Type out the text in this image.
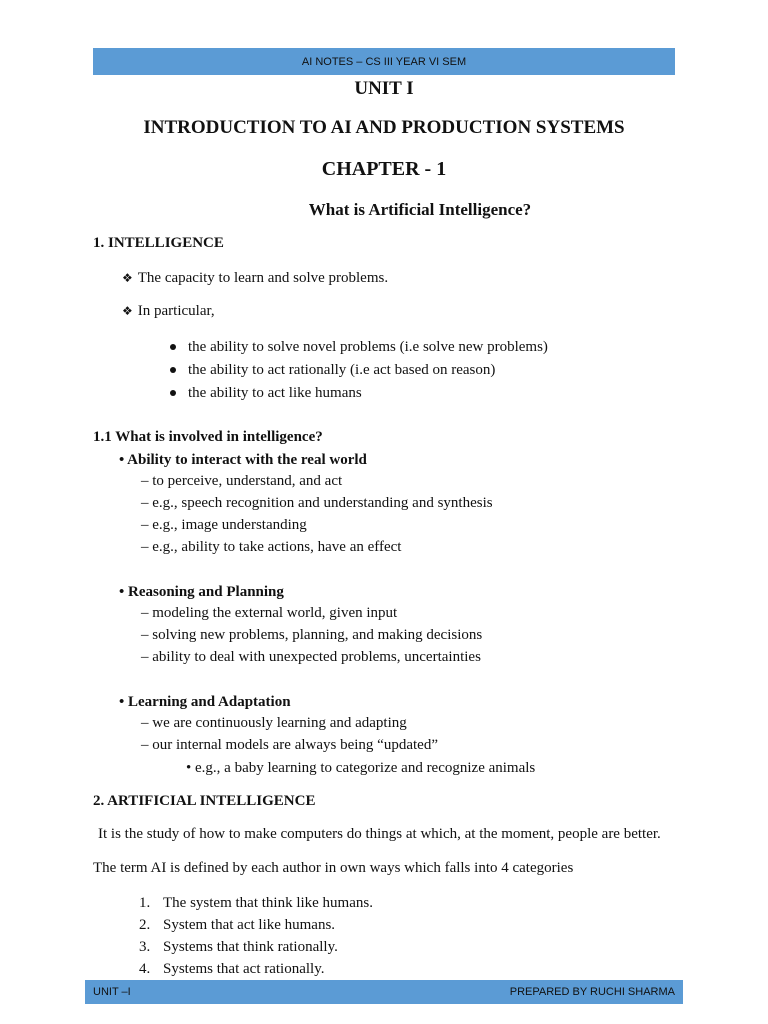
AI NOTES – CS III YEAR VI SEM
UNIT I
INTRODUCTION TO AI AND PRODUCTION SYSTEMS
CHAPTER - 1
What is Artificial Intelligence?
1. INTELLIGENCE
❖ The capacity to learn and solve problems.
❖ In particular,
the ability to solve novel problems (i.e solve new problems)
the ability to act rationally (i.e act based on reason)
the ability to act like humans
1.1 What is involved in intelligence?
• Ability to interact with the real world
– to perceive, understand, and act
– e.g., speech recognition and understanding and synthesis
– e.g., image understanding
– e.g., ability to take actions, have an effect
• Reasoning and Planning
– modeling the external world, given input
– solving new problems, planning, and making decisions
– ability to deal with unexpected problems, uncertainties
• Learning and Adaptation
– we are continuously learning and adapting
– our internal models are always being “updated”
• e.g., a baby learning to categorize and recognize animals
2. ARTIFICIAL INTELLIGENCE
It is the study of how to make computers do things at which, at the moment, people are better.
The term AI is defined by each author in own ways which falls into 4 categories
1. The system that think like humans.
2. System that act like humans.
3. Systems that think rationally.
4. Systems that act rationally.
UNIT –I	PREPARED BY RUCHI SHARMA
